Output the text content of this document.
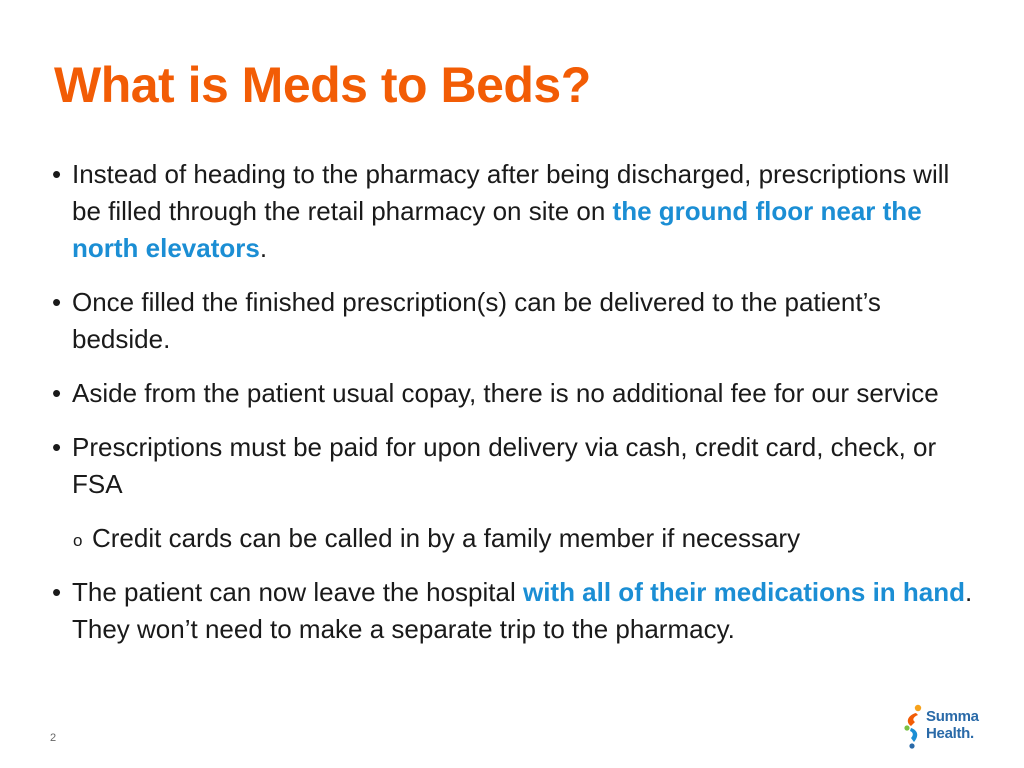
What is Meds to Beds?

• Instead of heading to the pharmacy after being discharged, prescriptions will be filled through the retail pharmacy on site on the ground floor near the north elevators.

• Once filled the finished prescription(s) can be delivered to the patient’s bedside.

• Aside from the patient usual copay, there is no additional fee for our service

• Prescriptions must be paid for upon delivery via cash, credit card, check, or FSA

o Credit cards can be called in by a family member if necessary

• The patient can now leave the hospital with all of their medications in hand. They won’t need to make a separate trip to the pharmacy.

2
Summa
Health.
